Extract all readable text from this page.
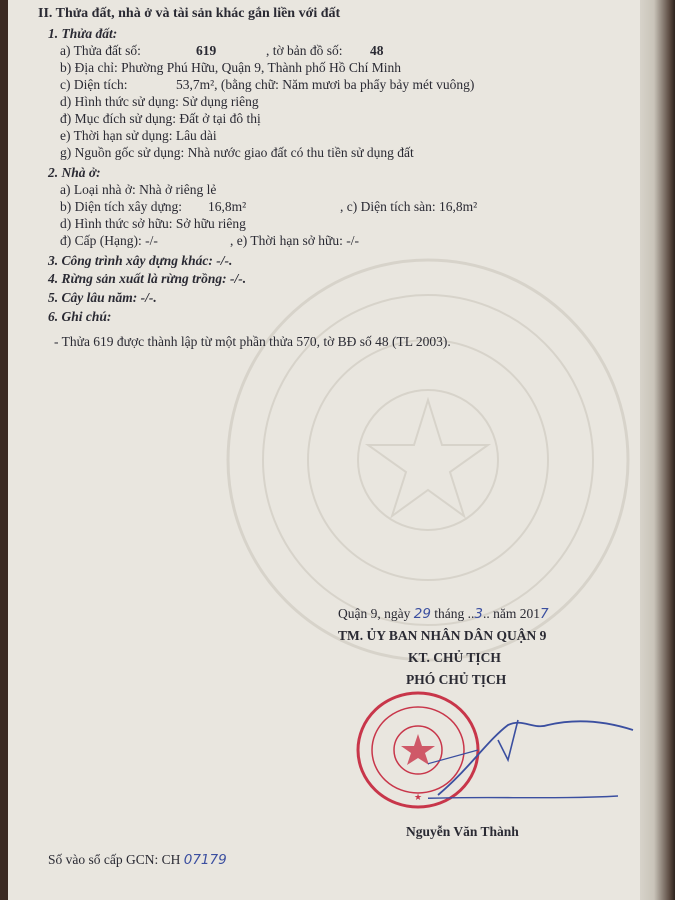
II. Thửa đất, nhà ở và tài sản khác gắn liền với đất
1. Thửa đất:
a) Thửa đất số:	619	, tờ bản đồ số: 48
b) Địa chỉ: Phường Phú Hữu, Quận 9, Thành phố Hồ Chí Minh
c) Diện tích:	53,7m², (bằng chữ: Năm mươi ba phẩy bảy mét vuông)
d) Hình thức sử dụng: Sử dụng riêng
đ) Mục đích sử dụng: Đất ở tại đô thị
e) Thời hạn sử dụng: Lâu dài
g) Nguồn gốc sử dụng: Nhà nước giao đất có thu tiền sử dụng đất
2. Nhà ở:
a) Loại nhà ở: Nhà ở riêng lẻ
b) Diện tích xây dựng: 16,8m²	, c) Diện tích sàn: 16,8m²
d) Hình thức sở hữu: Sở hữu riêng
đ) Cấp (Hạng): -/-	, e) Thời hạn sở hữu: -/-
3. Công trình xây dựng khác: -/-.
4. Rừng sản xuất là rừng trồng: -/-.
5. Cây lâu năm: -/-.
6. Ghi chú:
- Thửa 619 được thành lập từ một phần thửa 570, tờ BĐ số 48 (TL 2003).
Quận 9, ngày 29 tháng ..3.. năm 2017
TM. ỦY BAN NHÂN DÂN QUẬN 9
KT. CHỦ TỊCH
PHÓ CHỦ TỊCH
★
Nguyễn Văn Thành
Số vào sổ cấp GCN: CH 07179
